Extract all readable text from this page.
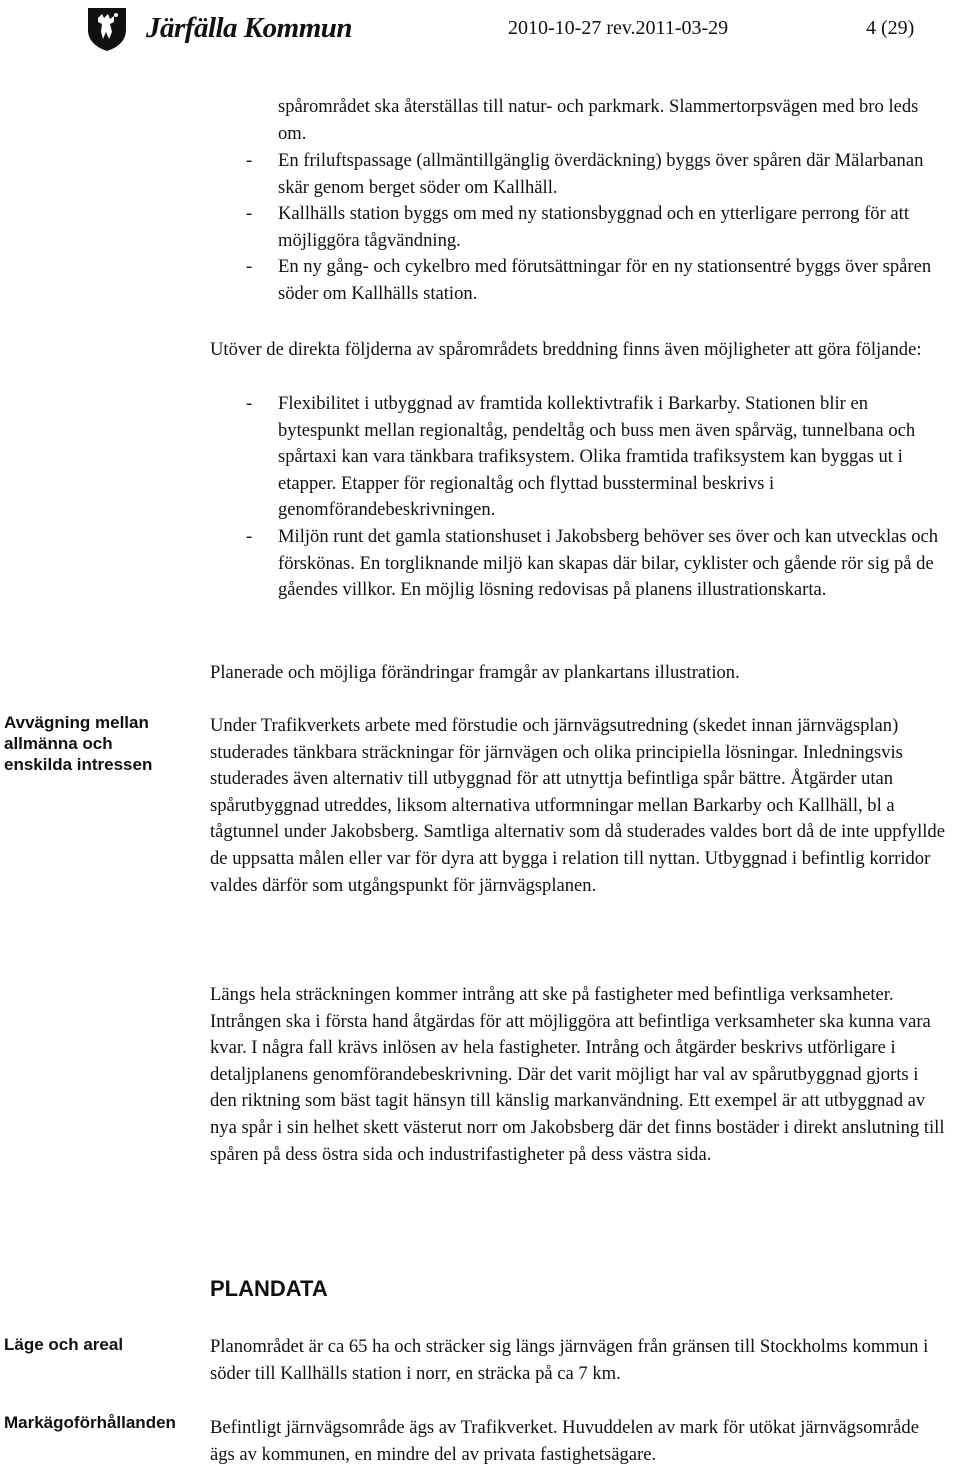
Järfälla Kommun	2010-10-27 rev.2011-03-29	4 (29)
spårområdet ska återställas till natur- och parkmark. Slammertorpsvägen med bro leds om.
- En friluftspassage (allmäntillgänglig överdäckning) byggs över spåren där Mälarbanan skär genom berget söder om Kallhäll.
- Kallhälls station byggs om med ny stationsbyggnad och en ytterligare perrong för att möjliggöra tågvändning.
- En ny gång- och cykelbro med förutsättningar för en ny stationsentré byggs över spåren söder om Kallhälls station.

Utöver de direkta följderna av spårområdets breddning finns även möjligheter att göra följande:

- Flexibilitet i utbyggnad av framtida kollektivtrafik i Barkarby. Stationen blir en bytespunkt mellan regionaltåg, pendeltåg och buss men även spårväg, tunnelbana och spårtaxi kan vara tänkbara trafiksystem. Olika framtida trafiksystem kan byggas ut i etapper. Etapper för regionaltåg och flyttad bussterminal beskrivs i genomförandebeskrivningen.
- Miljön runt det gamla stationshuset i Jakobsberg behöver ses över och kan utvecklas och förskönas. En torgliknande miljö kan skapas där bilar, cyklister och gående rör sig på de gåendes villkor. En möjlig lösning redovisas på planens illustrationskarta.

Planerade och möjliga förändringar framgår av plankartans illustration.

Avvägning mellan allmänna och enskilda intressen

Under Trafikverkets arbete med förstudie och järnvägsutredning (skedet innan järnvägsplan) studerades tänkbara sträckningar för järnvägen och olika principiella lösningar. Inledningsvis studerades även alternativ till utbyggnad för att utnyttja befintliga spår bättre. Åtgärder utan spårutbyggnad utreddes, liksom alternativa utformningar mellan Barkarby och Kallhäll, bl a tågtunnel under Jakobsberg. Samtliga alternativ som då studerades valdes bort då de inte uppfyllde de uppsatta målen eller var för dyra att bygga i relation till nyttan. Utbyggnad i befintlig korridor valdes därför som utgångspunkt för järnvägsplanen.

Längs hela sträckningen kommer intrång att ske på fastigheter med befintliga verksamheter. Intrången ska i första hand åtgärdas för att möjliggöra att befintliga verksamheter ska kunna vara kvar. I några fall krävs inlösen av hela fastigheter. Intrång och åtgärder beskrivs utförligare i detaljplanens genomförandebeskrivning. Där det varit möjligt har val av spårutbyggnad gjorts i den riktning som bäst tagit hänsyn till känslig markanvändning. Ett exempel är att utbyggnad av nya spår i sin helhet skett västerut norr om Jakobsberg där det finns bostäder i direkt anslutning till spåren på dess östra sida och industrifastigheter på dess västra sida.

PLANDATA

Läge och areal	Planområdet är ca 65 ha och sträcker sig längs järnvägen från gränsen till Stockholms kommun i söder till Kallhälls station i norr, en sträcka på ca 7 km.

Markägoförhållanden Befintligt järnvägsområde ägs av Trafikverket. Huvuddelen av mark för utökat järnvägsområde ägs av kommunen, en mindre del av privata fastighetsägare.
